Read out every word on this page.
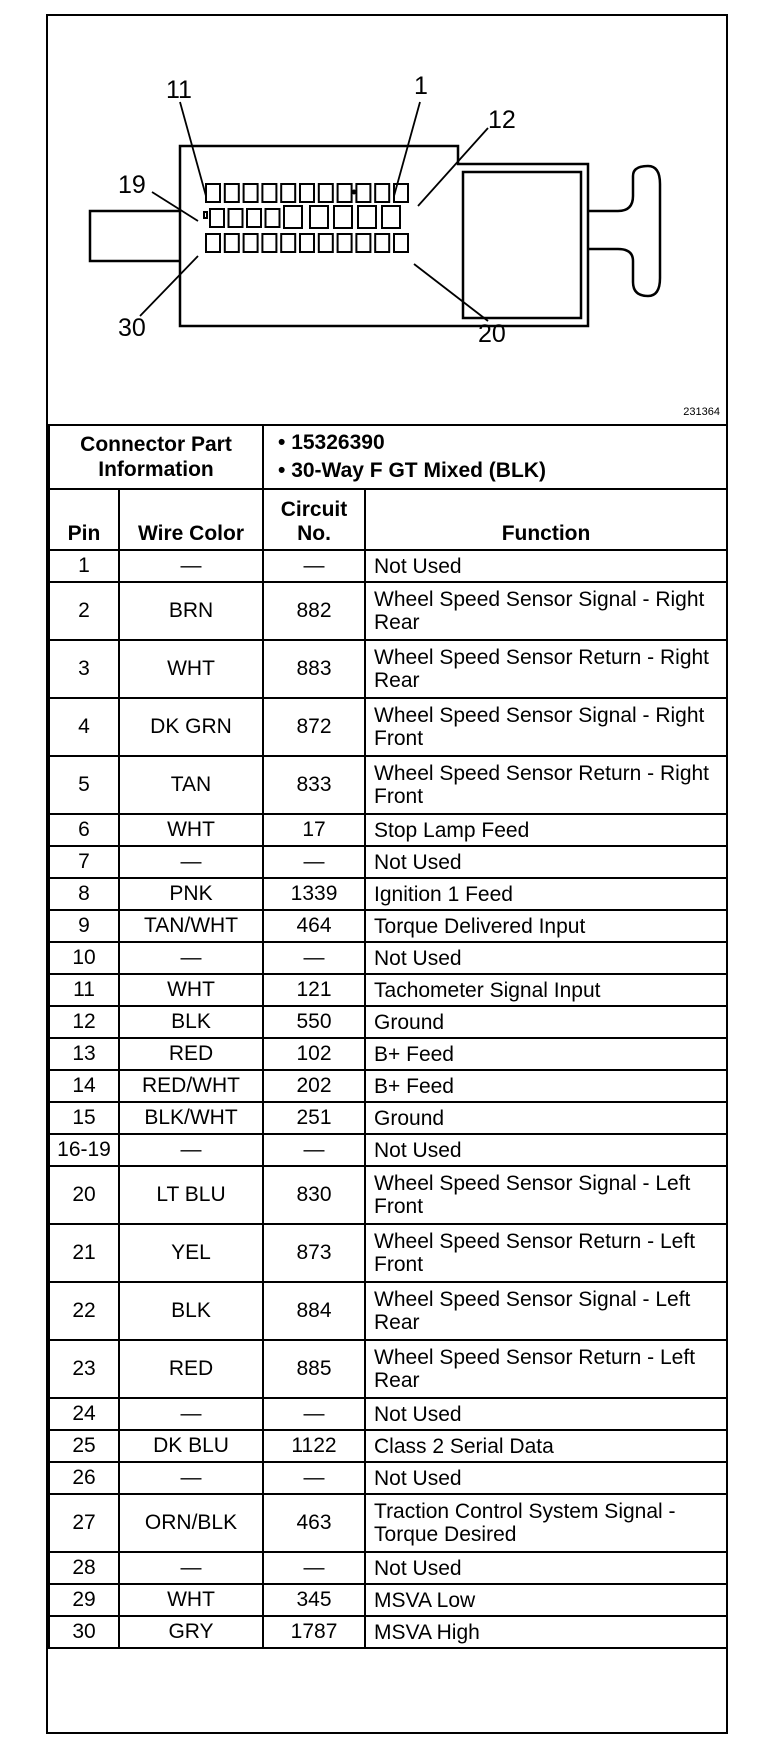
11	1
12
19
30	20
231364
Connector Part Information		• 15326390
• 30-Way F GT Mixed (BLK)	

Pin	Wire Color	Circuit No.	Function
1	—	—	Not Used
2	BRN	882	Wheel Speed Sensor Signal - Right Rear
3	WHT	883	Wheel Speed Sensor Return - Right Rear
4	DK GRN	872	Wheel Speed Sensor Signal - Right Front
5	TAN	833	Wheel Speed Sensor Return - Right Front
6	WHT	17	Stop Lamp Feed
7	—	—	Not Used
8	PNK	1339	Ignition 1 Feed
9	TAN/WHT	464	Torque Delivered Input
10	—	—	Not Used
11	WHT	121	Tachometer Signal Input
12	BLK	550	Ground
13	RED	102	B+ Feed
14	RED/WHT	202	B+ Feed
15	BLK/WHT	251	Ground
16-19	—	—	Not Used
20	LT BLU	830	Wheel Speed Sensor Signal - Left Front
21	YEL	873	Wheel Speed Sensor Return - Left Front
22	BLK	884	Wheel Speed Sensor Signal - Left Rear
23	RED	885	Wheel Speed Sensor Return - Left Rear
24	—	—	Not Used
25	DK BLU	1122	Class 2 Serial Data
26	—	—	Not Used
27	ORN/BLK	463	Traction Control System Signal - Torque Desired
28	—	—	Not Used
29	WHT	345	MSVA Low
30	GRY	1787	MSVA High
